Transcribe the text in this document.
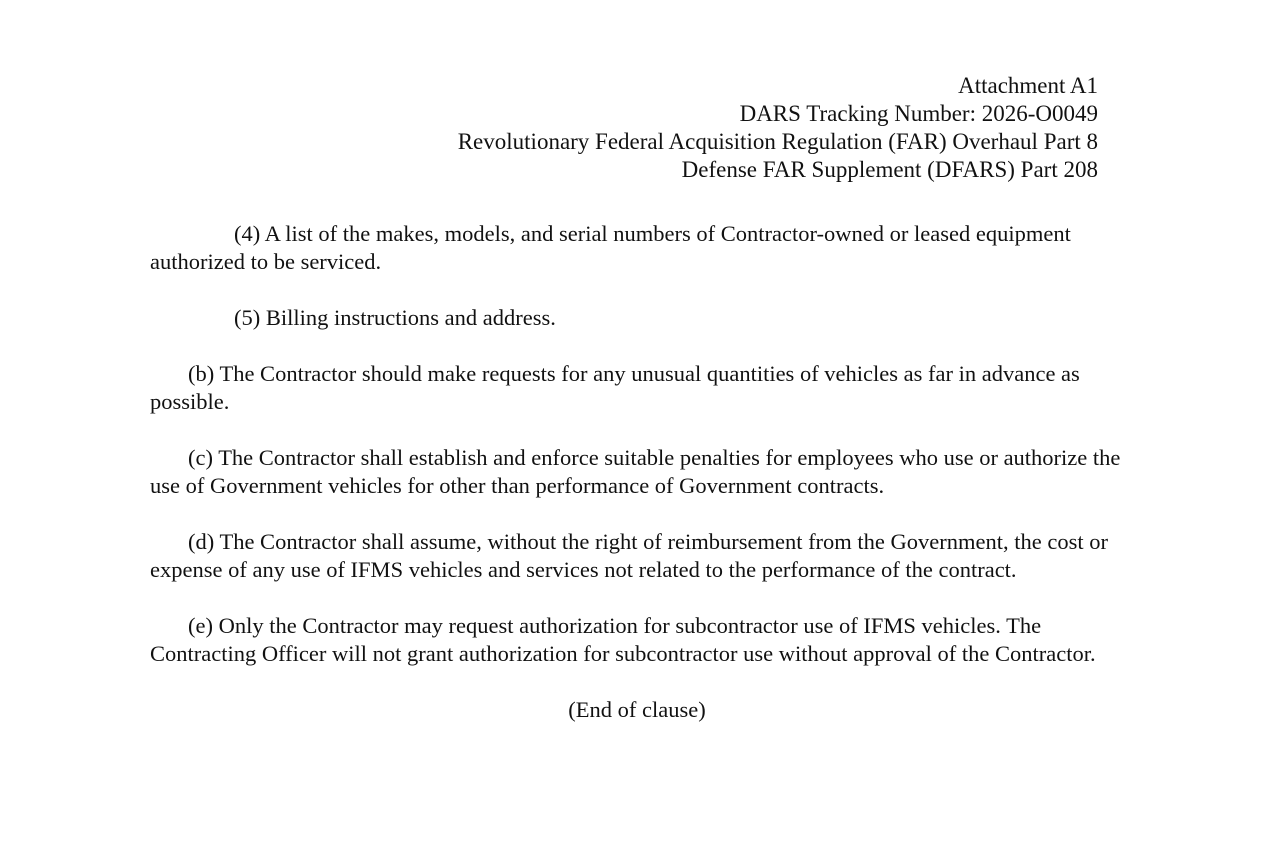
Attachment A1
DARS Tracking Number: 2026-O0049
Revolutionary Federal Acquisition Regulation (FAR) Overhaul Part 8
Defense FAR Supplement (DFARS) Part 208

(4) A list of the makes, models, and serial numbers of Contractor-owned or leased equipment authorized to be serviced.

(5) Billing instructions and address.

(b) The Contractor should make requests for any unusual quantities of vehicles as far in advance as possible.

(c) The Contractor shall establish and enforce suitable penalties for employees who use or authorize the use of Government vehicles for other than performance of Government contracts.

(d) The Contractor shall assume, without the right of reimbursement from the Government, the cost or expense of any use of IFMS vehicles and services not related to the performance of the contract.

(e) Only the Contractor may request authorization for subcontractor use of IFMS vehicles. The Contracting Officer will not grant authorization for subcontractor use without approval of the Contractor.

(End of clause)
